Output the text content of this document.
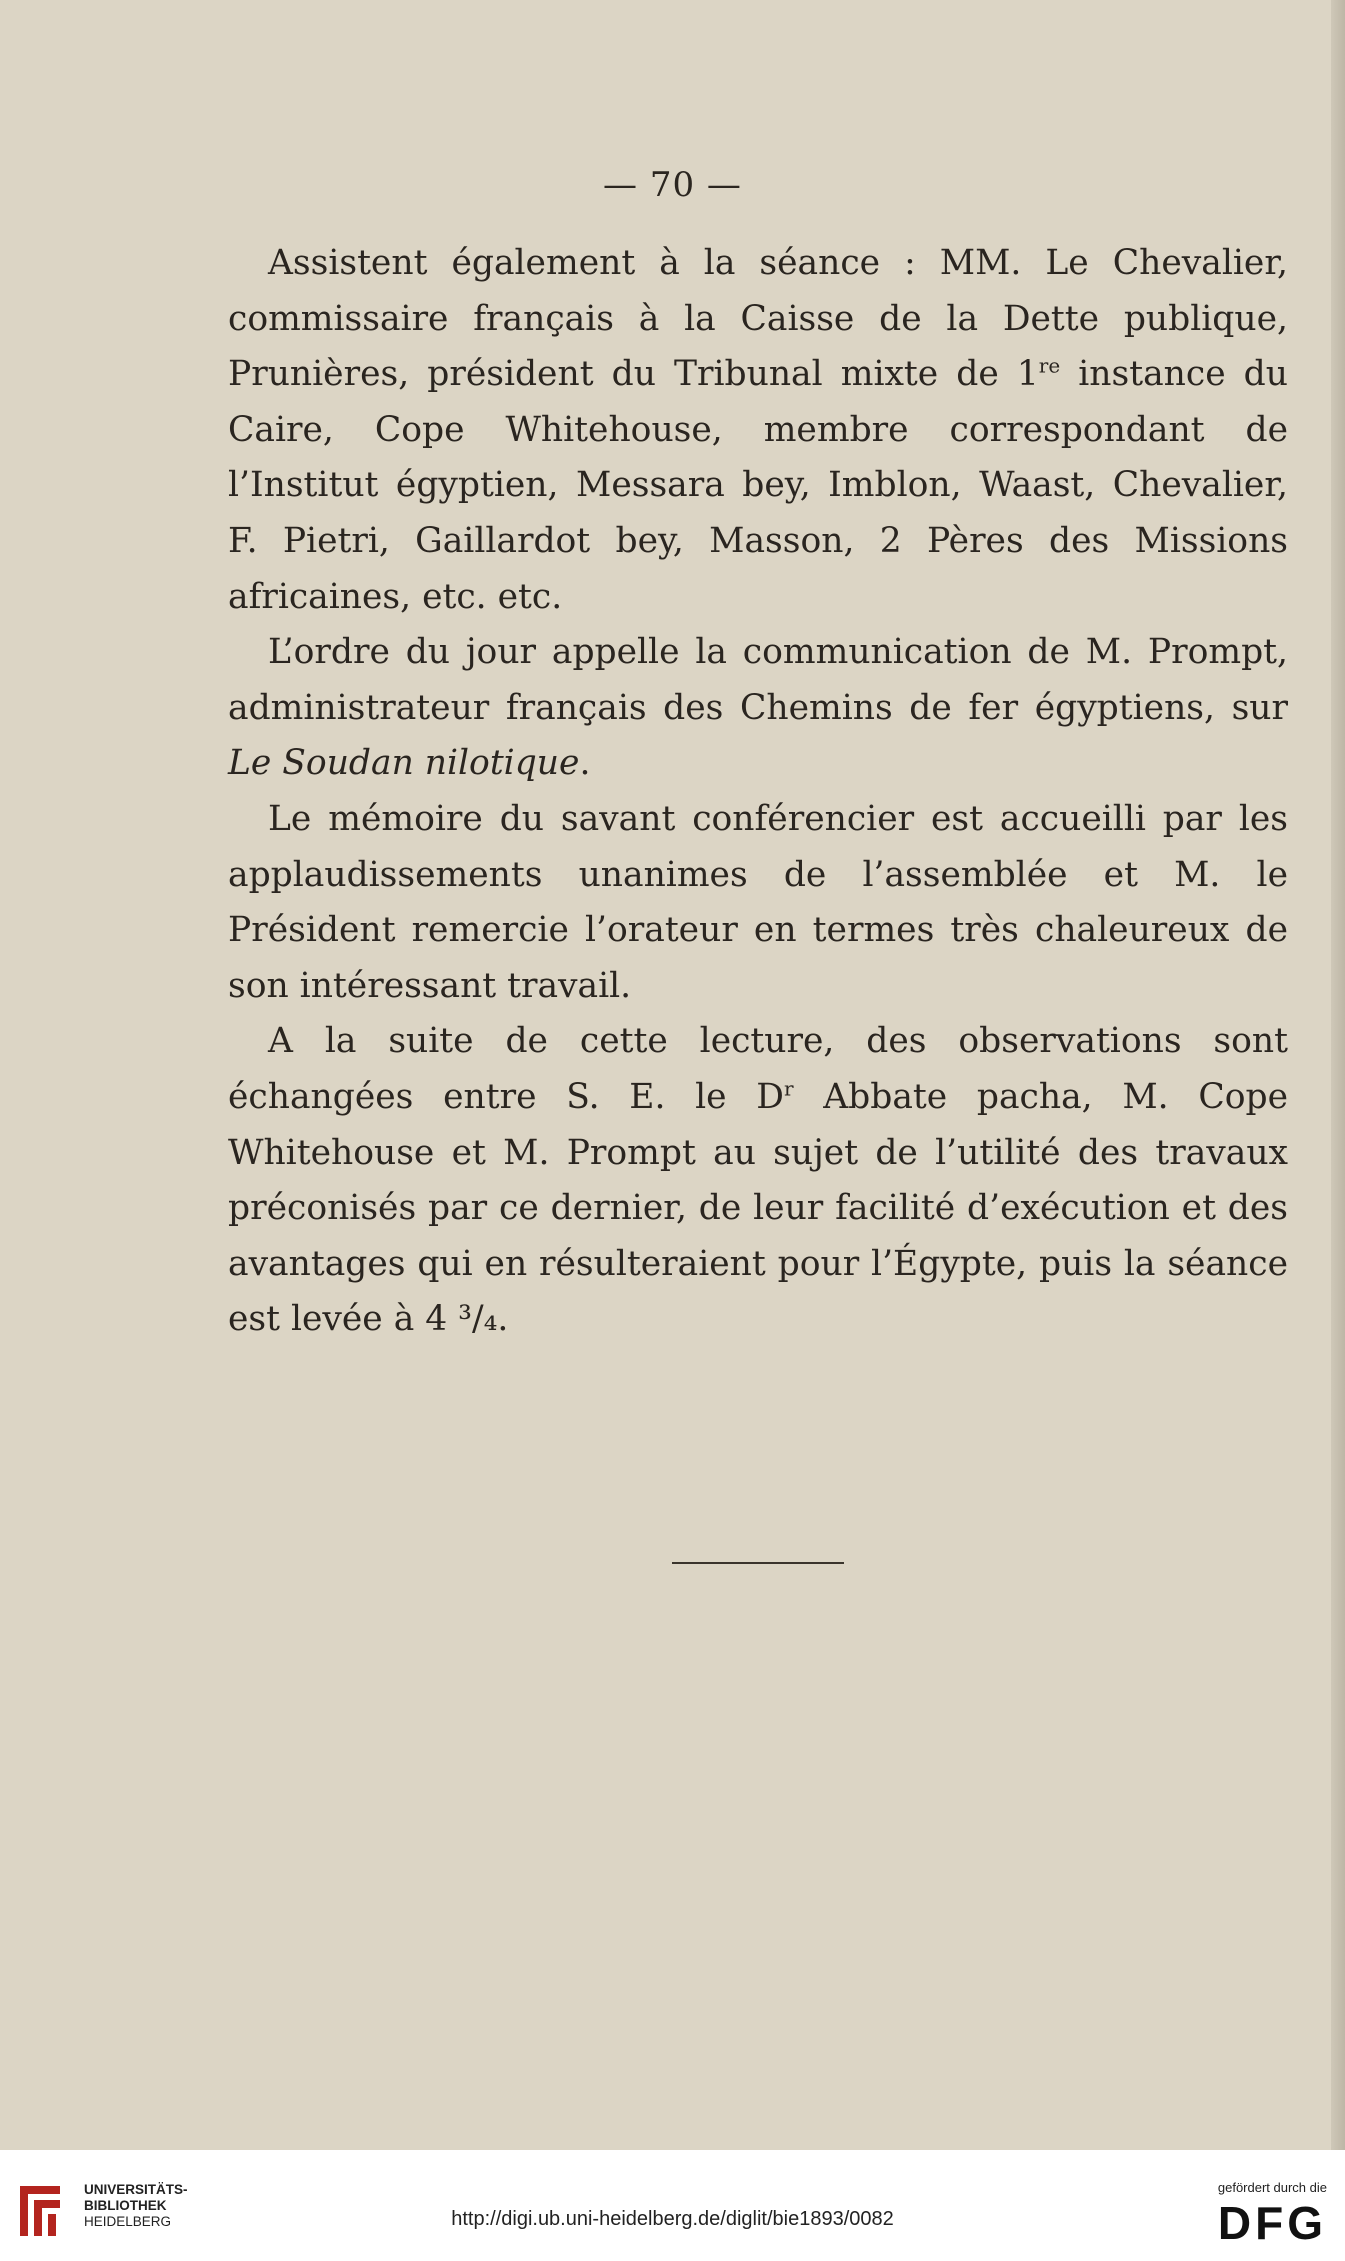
— 70 —

Assistent également à la séance : MM. Le Chevalier, commissaire français à la Caisse de la Dette publique, Prunières, président du Tribunal mixte de 1re instance du Caire, Cope Whitehouse, membre correspondant de l’Institut égyptien, Messara bey, Imblon, Waast, Chevalier, F. Pietri, Gaillardot bey, Masson, 2 Pères des Missions africaines, etc. etc.

L’ordre du jour appelle la communication de M. Prompt, administrateur français des Chemins de fer égyptiens, sur Le Soudan nilotique.

Le mémoire du savant conférencier est accueilli par les applaudissements unanimes de l’assemblée et M. le Président remercie l’orateur en termes très chaleureux de son intéressant travail.

A la suite de cette lecture, des observations sont échangées entre S. E. le $D^r$ Abbate pacha, M. Cope Whitehouse et M. Prompt au sujet de l’utilité des travaux préconisés par ce dernier, de leur facilité d’exécution et des avantages qui en résulteraient pour l’Égypte, puis la séance est levée à 4 ³/₄.

UNIVERSITÄTS-
BIBLIOTHEK
HEIDELBERG	http://digi.ub.uni-heidelberg.de/diglit/bie1893/0082
gefördert durch die
DFG
